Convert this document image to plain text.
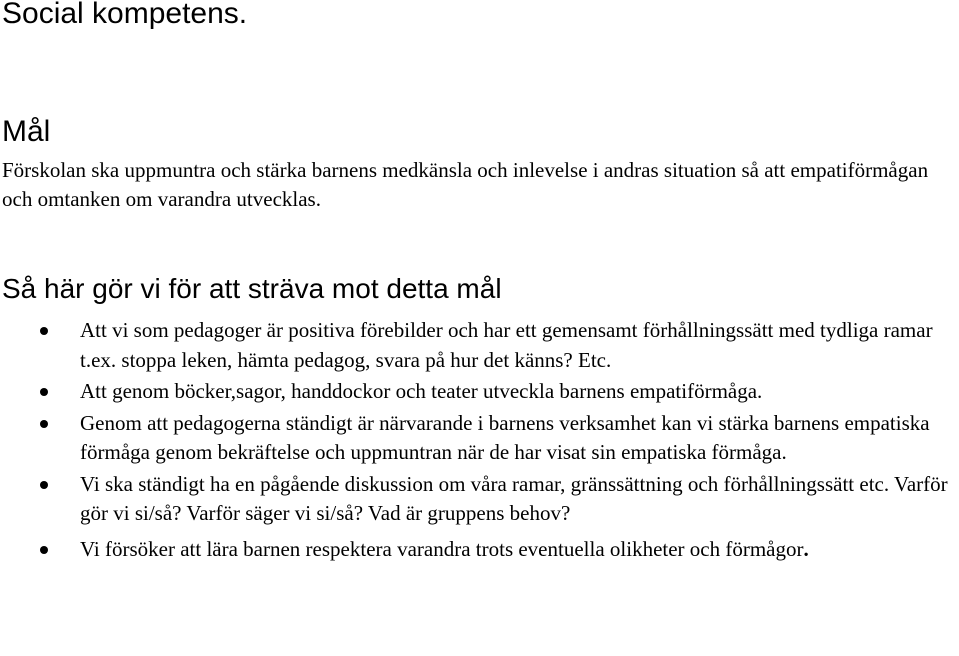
Social kompetens.
Mål
Förskolan ska uppmuntra och stärka barnens medkänsla och inlevelse i andras situation så att empatiförmågan och omtanken om varandra utvecklas.
Så här gör vi för att sträva mot detta mål
Att vi som pedagoger är positiva förebilder och har ett gemensamt förhållningssätt med tydliga ramar t.ex. stoppa leken, hämta pedagog, svara på hur det känns? Etc.
Att genom böcker,sagor, handdockor och teater utveckla barnens empatiförmåga.
Genom att pedagogerna ständigt är närvarande i barnens verksamhet kan vi stärka barnens empatiska förmåga genom bekräftelse och uppmuntran när de har visat sin empatiska förmåga.
Vi ska ständigt ha en pågående diskussion om våra ramar, gränssättning och förhållningssätt etc. Varför gör vi si/så? Varför säger vi si/så? Vad är gruppens behov?
Vi försöker att lära barnen respektera varandra trots eventuella olikheter och förmågor.
